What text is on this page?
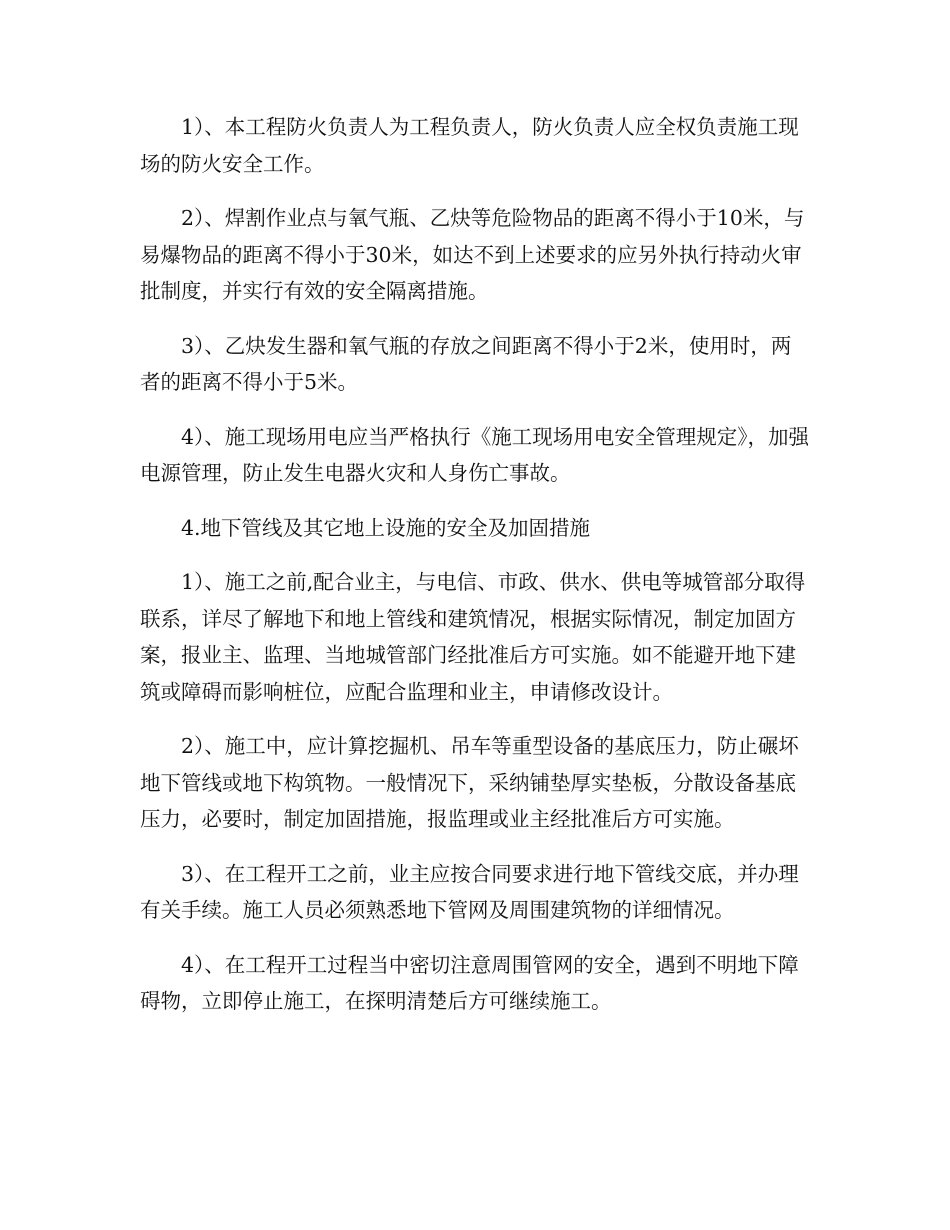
1）、本工程防火负责人为工程负责人，防火负责人应全权负责施工现场的防火安全工作。

2）、焊割作业点与氧气瓶、乙炔等危险物品的距离不得小于10米，与易爆物品的距离不得小于30米，如达不到上述要求的应另外执行持动火审批制度，并实行有效的安全隔离措施。

3）、乙炔发生器和氧气瓶的存放之间距离不得小于2米，使用时，两者的距离不得小于5米。

4）、施工现场用电应当严格执行《施工现场用电安全管理规定》，加强电源管理，防止发生电器火灾和人身伤亡事故。

4.地下管线及其它地上设施的安全及加固措施

1）、施工之前,配合业主，与电信、市政、供水、供电等城管部分取得联系，详尽了解地下和地上管线和建筑情况，根据实际情况，制定加固方案，报业主、监理、当地城管部门经批准后方可实施。如不能避开地下建筑或障碍而影响桩位，应配合监理和业主，申请修改设计。

2）、施工中，应计算挖掘机、吊车等重型设备的基底压力，防止碾坏地下管线或地下构筑物。一般情况下，采纳铺垫厚实垫板，分散设备基底压力，必要时，制定加固措施，报监理或业主经批准后方可实施。

3）、在工程开工之前，业主应按合同要求进行地下管线交底，并办理有关手续。施工人员必须熟悉地下管网及周围建筑物的详细情况。

4）、在工程开工过程当中密切注意周围管网的安全，遇到不明地下障碍物，立即停止施工，在探明清楚后方可继续施工。
